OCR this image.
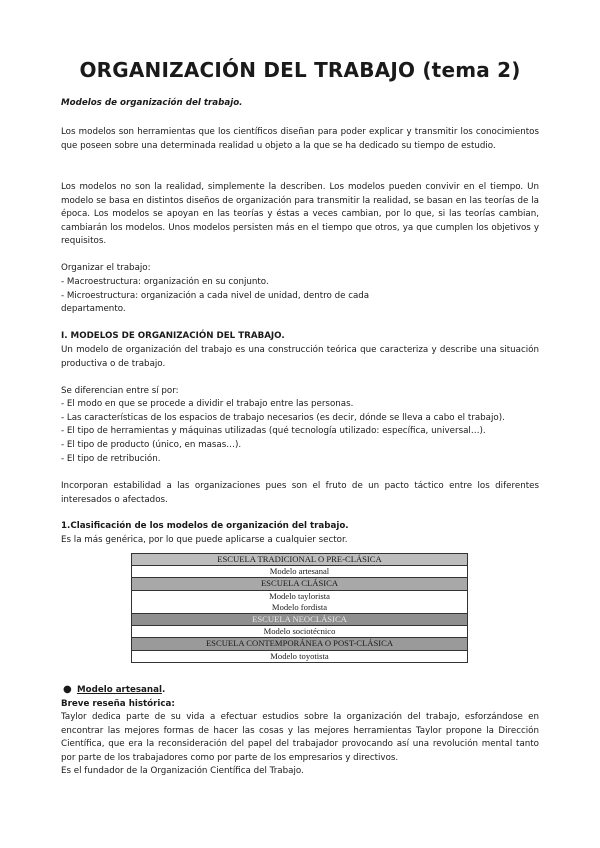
ORGANIZACIÓN DEL TRABAJO (tema 2)
Modelos de organización del trabajo.
Los modelos son herramientas que los científicos diseñan para poder explicar y transmitir los conocimientos que poseen sobre una determinada realidad u objeto a la que se ha dedicado su tiempo de estudio.
Los modelos no son la realidad, simplemente la describen. Los modelos pueden convivir en el tiempo. Un modelo se basa en distintos diseños de organización para transmitir la realidad, se basan en las teorías de la época. Los modelos se apoyan en las teorías y éstas a veces cambian, por lo que, si las teorías cambian, cambiarán los modelos. Unos modelos persisten más en el tiempo que otros, ya que cumplen los objetivos y requisitos.
Organizar el trabajo:
- Macroestructura: organización en su conjunto.
- Microestructura: organización a cada nivel de unidad, dentro de cada
departamento.
I. MODELOS DE ORGANIZACIÓN DEL TRABAJO.
Un modelo de organización del trabajo es una construcción teórica que caracteriza y describe una situación productiva o de trabajo.
Se diferencian entre sí por:
- El modo en que se procede a dividir el trabajo entre las personas.
- Las características de los espacios de trabajo necesarios (es decir, dónde se lleva a cabo el trabajo).
- El tipo de herramientas y máquinas utilizadas (qué tecnología utilizado: específica, universal…).
- El tipo de producto (único, en masas…).
- El tipo de retribución.
Incorporan estabilidad a las organizaciones pues son el fruto de un pacto táctico entre los diferentes interesados o afectados.
1.Clasificación de los modelos de organización del trabajo.
Es la más genérica, por lo que puede aplicarse a cualquier sector.
ESCUELA TRADICIONAL O PRE-CLÁSICA
Modelo artesanal
ESCUELA CLÁSICA
Modelo taylorista
Modelo fordista
ESCUELA NEOCLÁSICA
Modelo sociotécnico
ESCUELA CONTEMPORÁNEA O POST-CLÁSICA
Modelo toyotista
● Modelo artesanal.
Breve reseña histórica:
Taylor dedica parte de su vida a efectuar estudios sobre la organización del trabajo, esforzándose en encontrar las mejores formas de hacer las cosas y las mejores herramientas Taylor propone la Dirección Científica, que era la reconsideración del papel del trabajador provocando así una revolución mental tanto por parte de los trabajadores como por parte de los empresarios y directivos.
Es el fundador de la Organización Científica del Trabajo.
